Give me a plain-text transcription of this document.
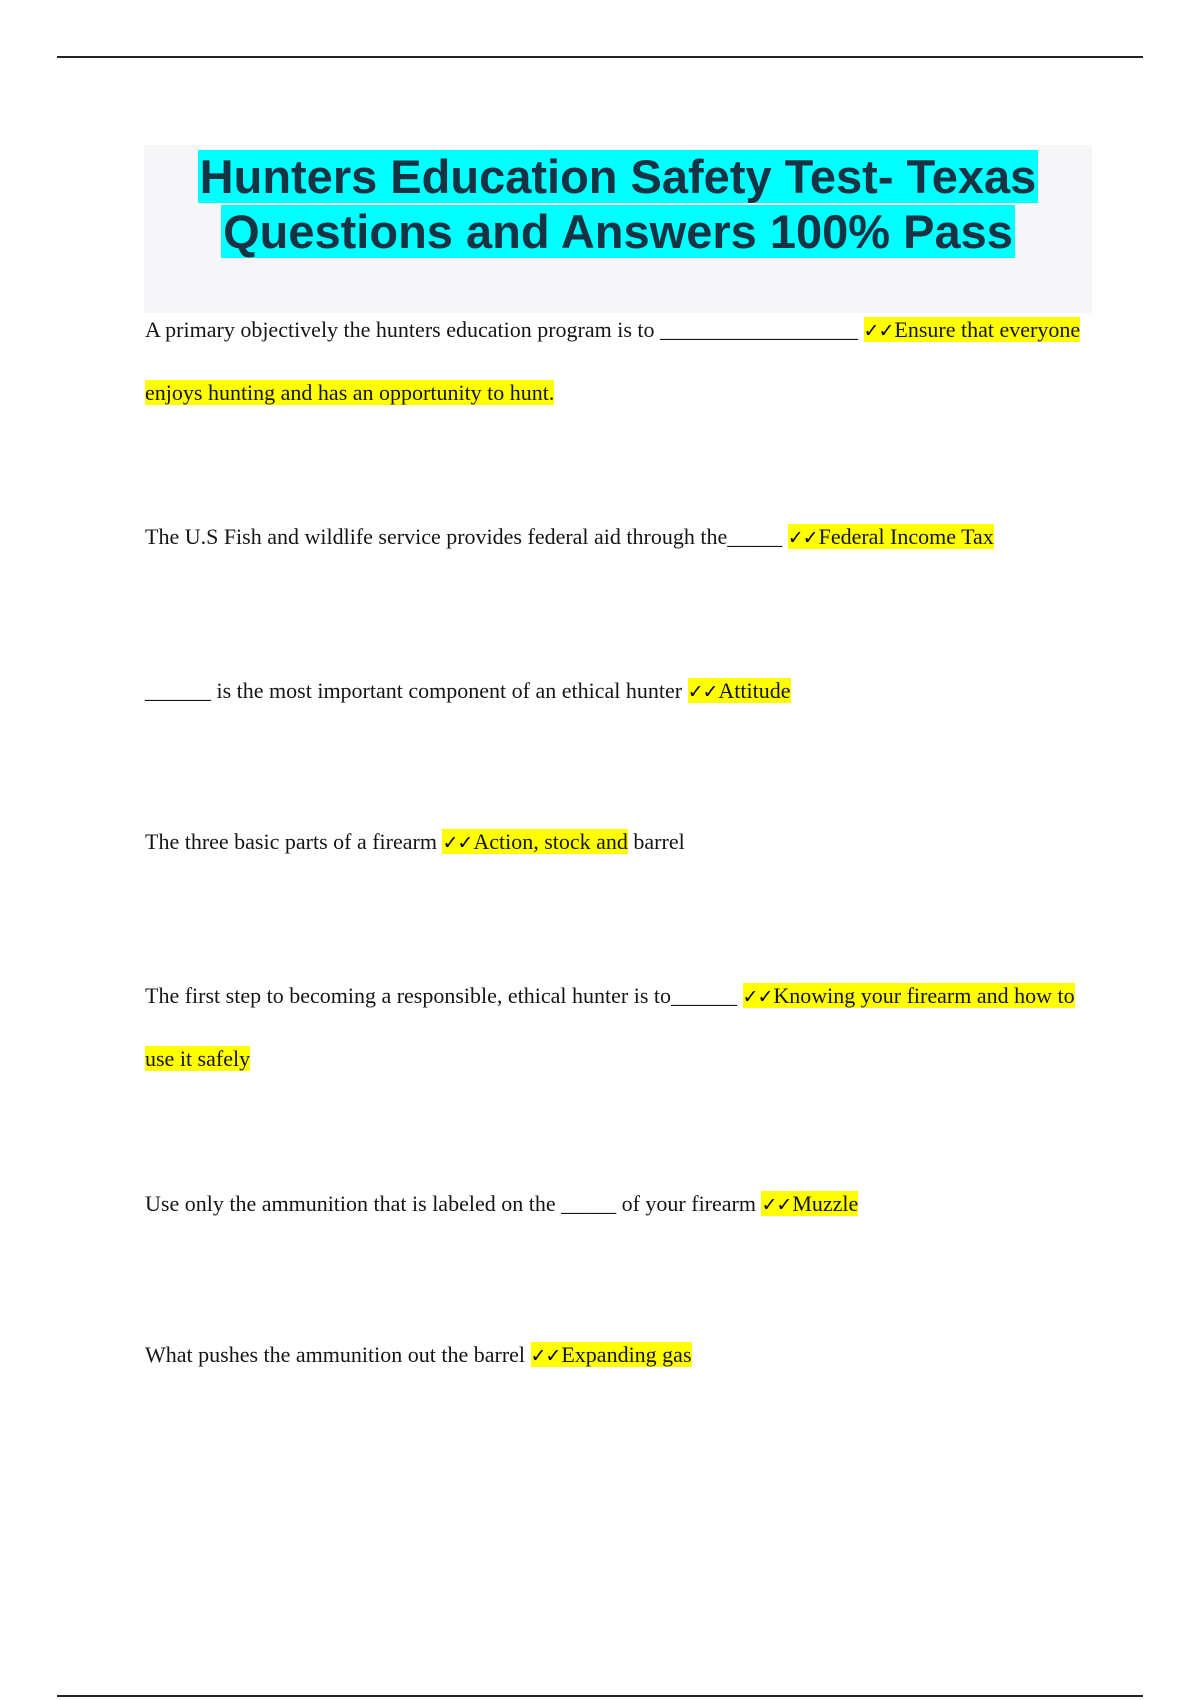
Hunters Education Safety Test- Texas
Questions and Answers 100% Pass

A primary objectively the hunters education program is to __________________ ✓✓Ensure that everyone enjoys hunting and has an opportunity to hunt.

The U.S Fish and wildlife service provides federal aid through the_____ ✓✓Federal Income Tax

______ is the most important component of an ethical hunter ✓✓Attitude

The three basic parts of a firearm ✓✓Action, stock and barrel

The first step to becoming a responsible, ethical hunter is to______ ✓✓Knowing your firearm and how to use it safely

Use only the ammunition that is labeled on the _____ of your firearm ✓✓Muzzle

What pushes the ammunition out the barrel ✓✓Expanding gas
